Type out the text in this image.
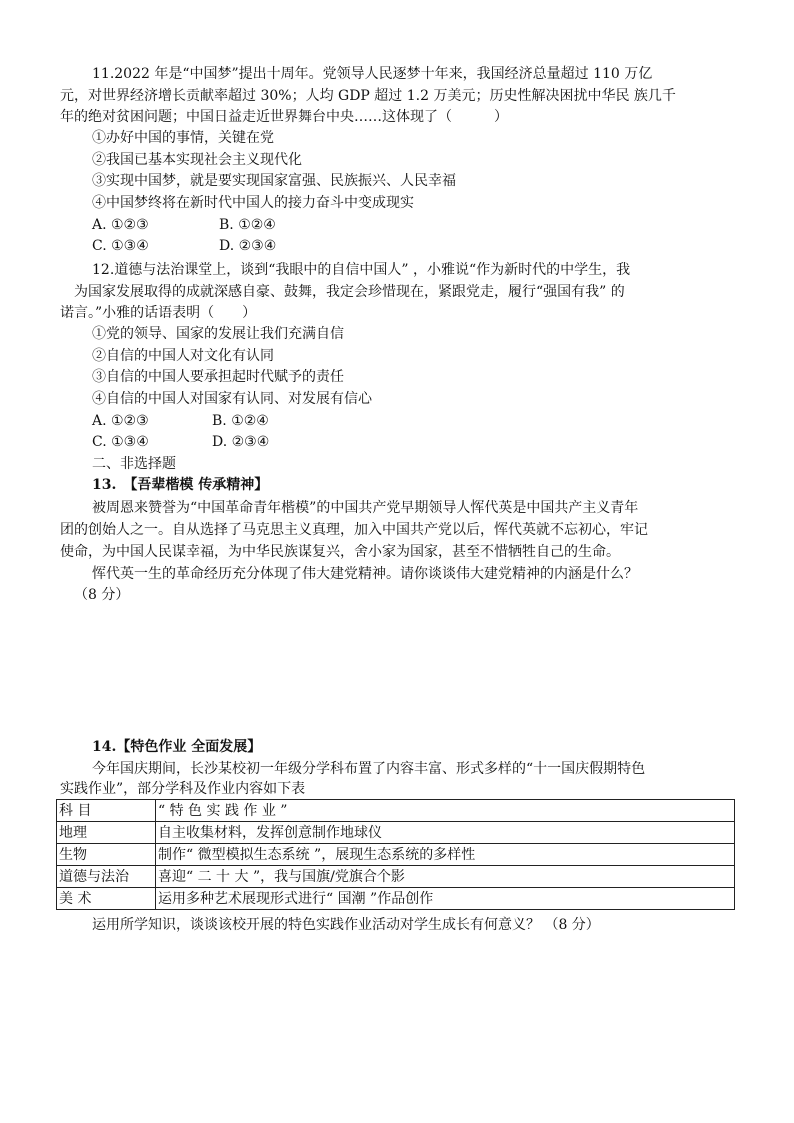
11.2022 年是“中国梦”提出十周年。党领导人民逐梦十年来，我国经济总量超过 110 万亿
元，对世界经济增长贡献率超过 30%；人均 GDP 超过 1.2 万美元；历史性解决困扰中华民 族几千
年的绝对贫困问题；中国日益走近世界舞台中央……这体现了（　　　）
①办好中国的事情，关键在党
②我国已基本实现社会主义现代化
③实现中国梦，就是要实现国家富强、民族振兴、人民幸福
④中国梦终将在新时代中国人的接力奋斗中变成现实
A. ①②③	B. ①②④
C. ①③④	D. ②③④
12.道德与法治课堂上，谈到“我眼中的自信中国人” ，小雅说“作为新时代的中学生，我
为国家发展取得的成就深感自豪、鼓舞，我定会珍惜现在，紧跟党走，履行“强国有我” 的
诺言。”小雅的话语表明（　　）
①党的领导、国家的发展让我们充满自信
②自信的中国人对文化有认同
③自信的中国人要承担起时代赋予的责任
④自信的中国人对国家有认同、对发展有信心
A. ①②③	B. ①②④
C. ①③④	D. ②③④
二、非选择题
13.　【吾辈楷模 传承精神】
被周恩来赞誉为“中国革命青年楷模”的中国共产党早期领导人恽代英是中国共产主义青年
团的创始人之一。自从选择了马克思主义真理，加入中国共产党以后，恽代英就不忘初心，牢记
使命，为中国人民谋幸福，为中华民族谋复兴，舍小家为国家，甚至不惜牺牲自己的生命。
恽代英一生的革命经历充分体现了伟大建党精神。请你谈谈伟大建党精神的内涵是什么？
（8 分）
14.【特色作业 全面发展】
今年国庆期间，长沙某校初一年级分学科布置了内容丰富、形式多样的“十一国庆假期特色
实践作业”，部分学科及作业内容如下表
科 目	“ 特 色 实 践 作 业 ”
地理	自主收集材料，发挥创意制作地球仪
生物	制作“ 微型模拟生态系统 ”，展现生态系统的多样性
道德与法治	喜迎“ 二 十 大 ”，我与国旗/党旗合个影
美 术	运用多种艺术展现形式进行“ 国潮 ”作品创作
运用所学知识，谈谈该校开展的特色实践作业活动对学生成长有何意义？ （8 分）
